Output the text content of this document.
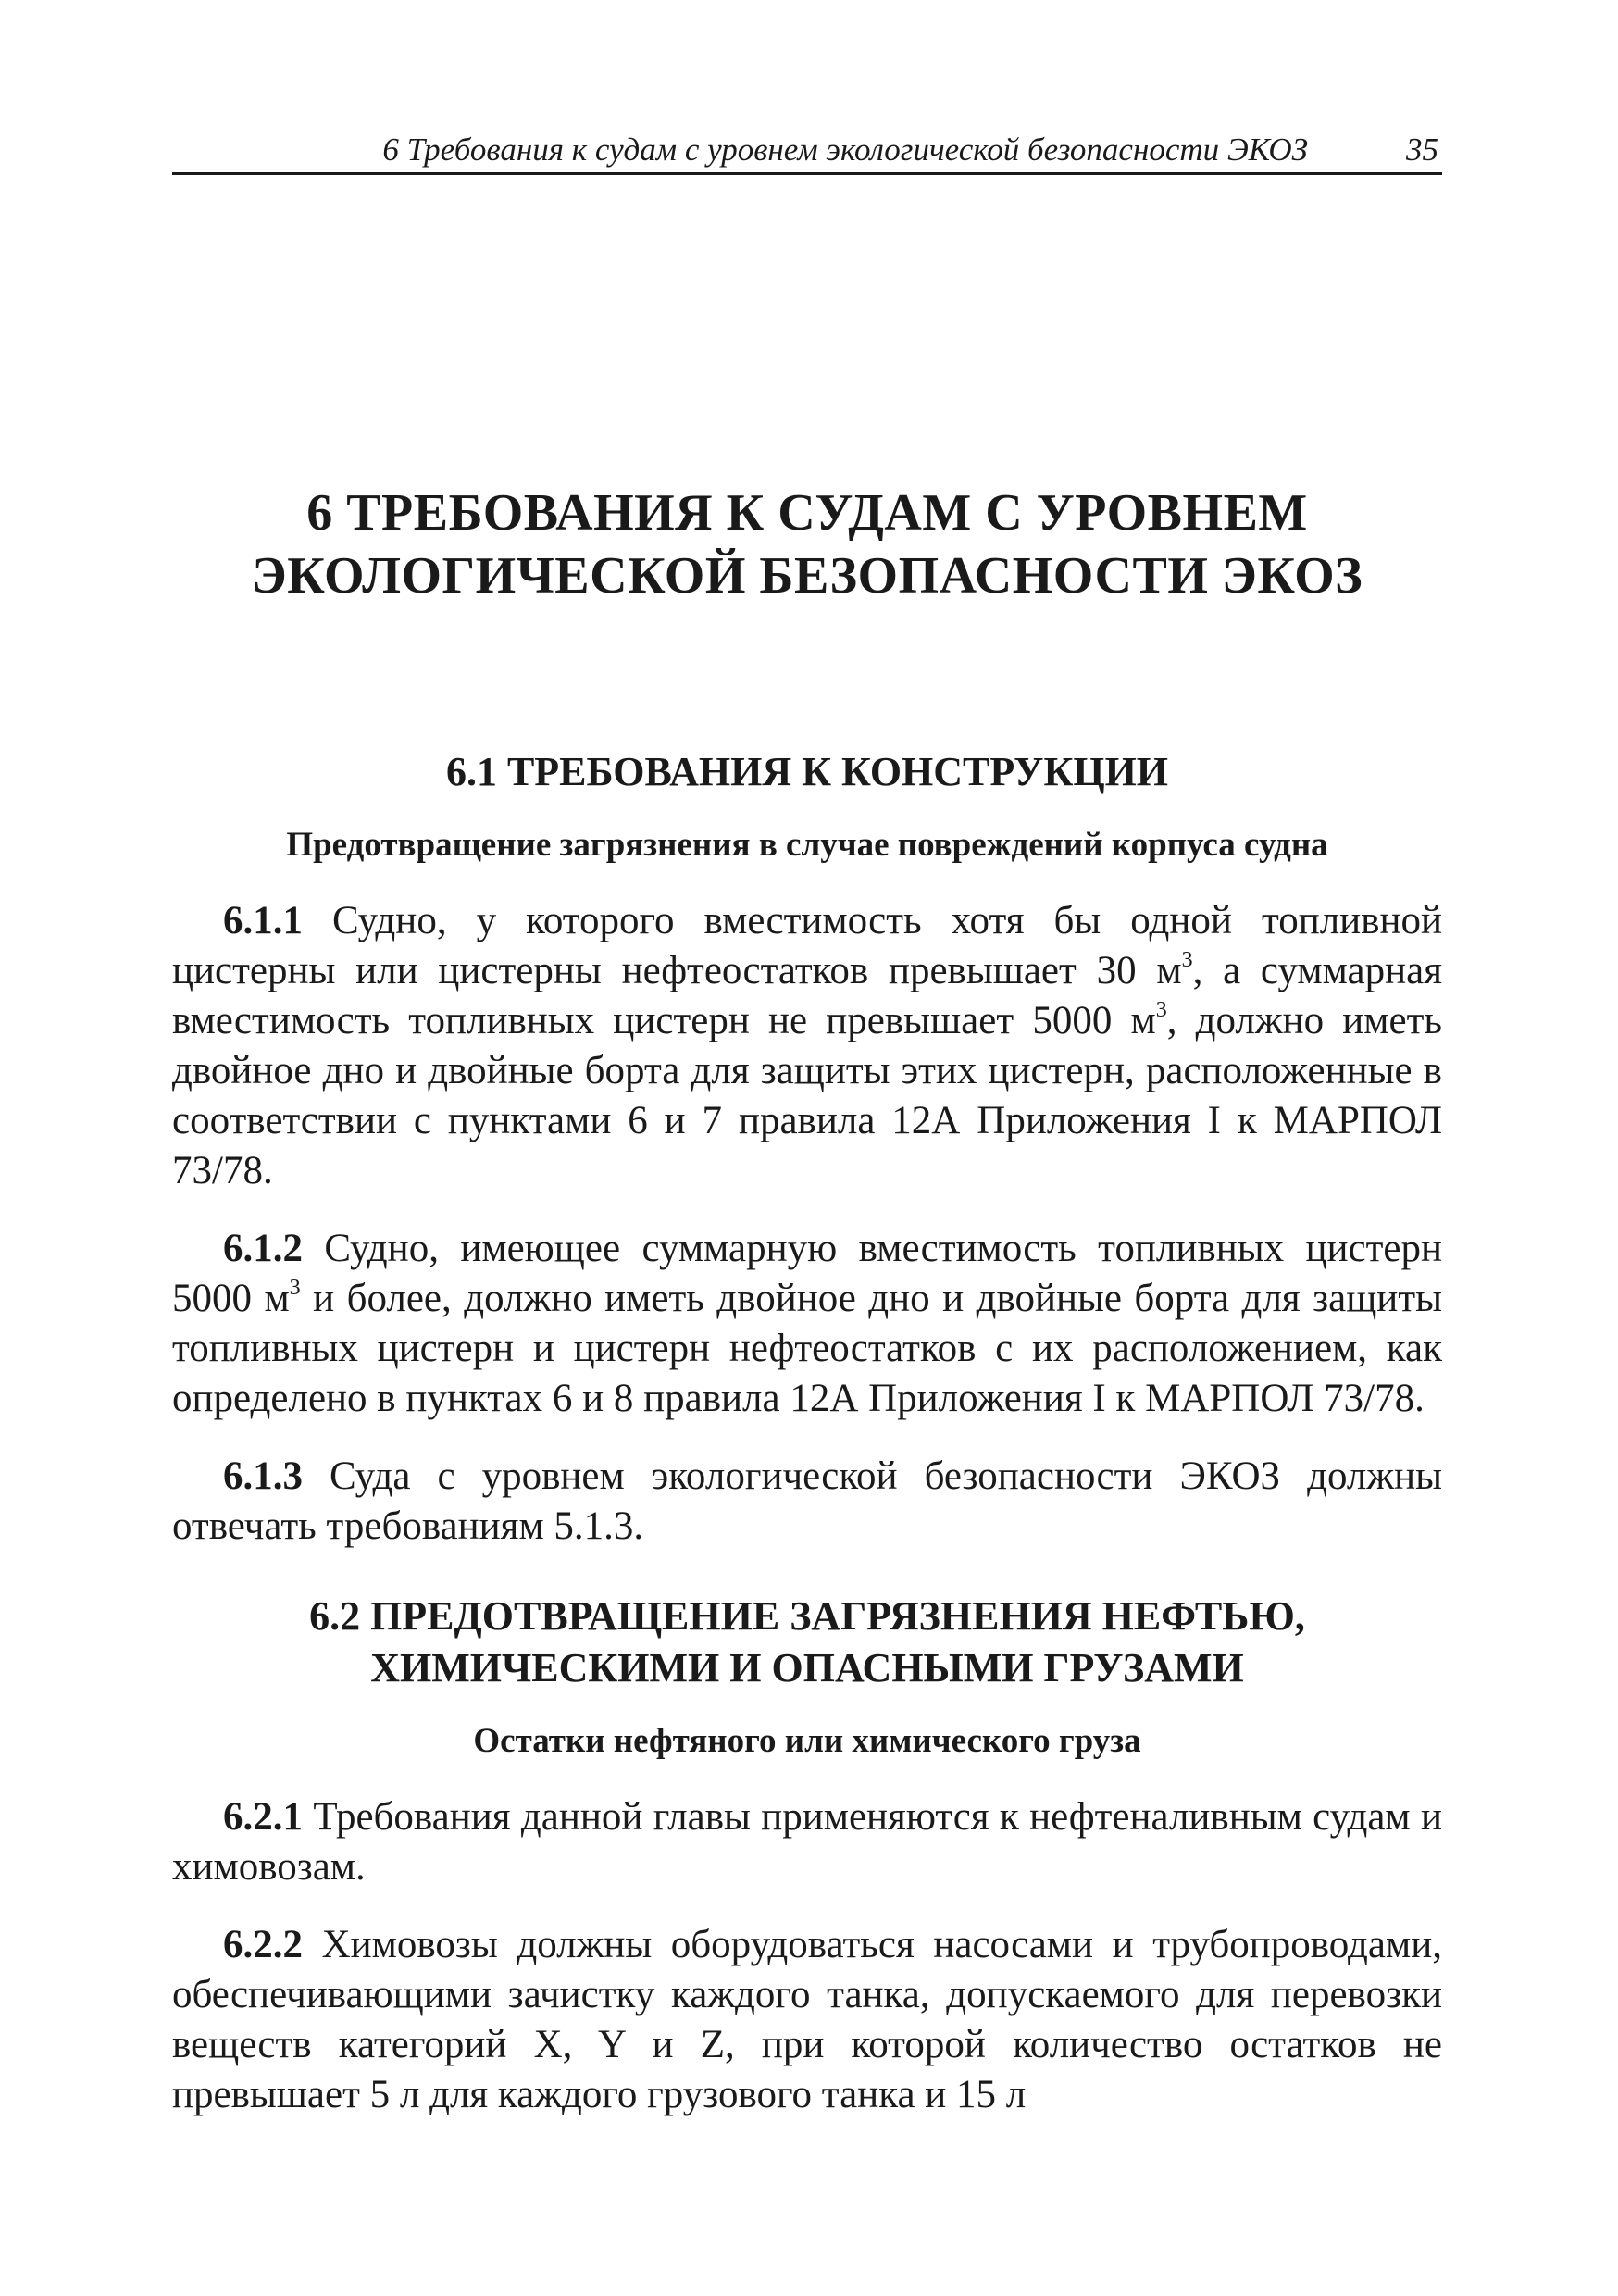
6 Требования к судам с уровнем экологической безопасности ЭКОЗ	35
6 ТРЕБОВАНИЯ К СУДАМ С УРОВНЕМ
ЭКОЛОГИЧЕСКОЙ БЕЗОПАСНОСТИ ЭКОЗ
6.1 ТРЕБОВАНИЯ К КОНСТРУКЦИИ
Предотвращение загрязнения в случае повреждений корпуса судна

6.1.1 Судно, у которого вместимость хотя бы одной топливной цистерны или цистерны нефтеостатков превышает 30 $м^3$, а суммарная вместимость топливных цистерн не превышает 5000 $м^3$, должно иметь двойное дно и двойные борта для защиты этих цистерн, расположенные в соответствии с пунктами 6 и 7 правила 12А Приложения I к МАРПОЛ 73/78.

6.1.2 Судно, имеющее суммарную вместимость топливных цистерн 5000 $м^3$ и более, должно иметь двойное дно и двойные борта для защиты топливных цистерн и цистерн нефтеостатков с их расположением, как определено в пунктах 6 и 8 правила 12А Приложения I к МАРПОЛ 73/78.

6.1.3 Суда с уровнем экологической безопасности ЭКОЗ должны отвечать требованиям 5.1.3.

6.2 ПРЕДОТВРАЩЕНИЕ ЗАГРЯЗНЕНИЯ НЕФТЬЮ,
ХИМИЧЕСКИМИ И ОПАСНЫМИ ГРУЗАМИ
Остатки нефтяного или химического груза

6.2.1 Требования данной главы применяются к нефтеналивным судам и химовозам.

6.2.2 Химовозы должны оборудоваться насосами и трубопроводами, обеспечивающими зачистку каждого танка, допускаемого для перевозки веществ категорий X, Y и Z, при которой количество остатков не превышает 5 л для каждого грузового танка и 15 л
